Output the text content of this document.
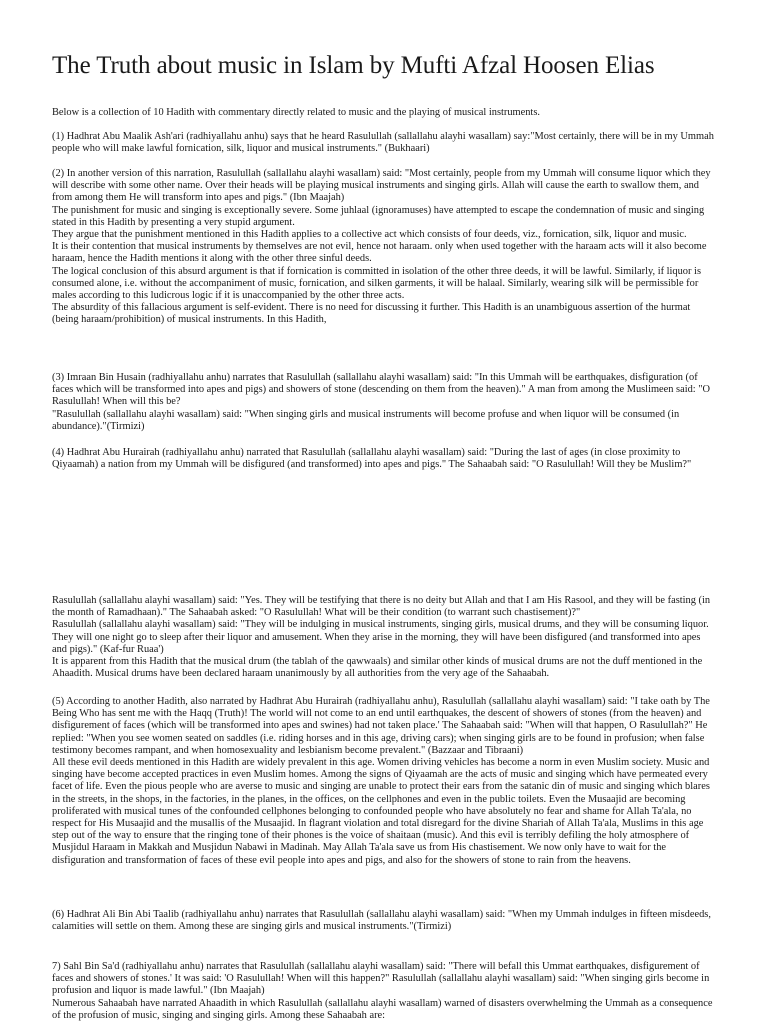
The Truth about music in Islam by Mufti Afzal Hoosen Elias

Below is a collection of 10 Hadith with commentary directly related to music and the playing of musical instruments.

(1) Hadhrat Abu Maalik Ash'ari (radhiyallahu anhu) says that he heard Rasulullah (sallallahu alayhi wasallam) say:"Most certainly, there will be in my Ummah people who will make lawful fornication, silk, liquor and musical instruments." (Bukhaari)

(2) In another version of this narration, Rasulullah (sallallahu alayhi wasallam) said: "Most certainly, people from my Ummah will consume liquor which they will describe with some other name. Over their heads will be playing musical instruments and singing girls. Allah will cause the earth to swallow them, and from among them He will transform into apes and pigs." (Ibn Maajah)

The punishment for music and singing is exceptionally severe. Some juhlaal (ignoramuses) have attempted to escape the condemnation of music and singing stated in this Hadith by presenting a very stupid argument.

They argue that the punishment mentioned in this Hadith applies to a collective act which consists of four deeds, viz., fornication, silk, liquor and music.

It is their contention that musical instruments by themselves are not evil, hence not haraam. only when used together with the haraam acts will it also become haraam, hence the Hadith mentions it along with the other three sinful deeds.

The logical conclusion of this absurd argument is that if fornication is committed in isolation of the other three deeds, it will be lawful. Similarly, if liquor is consumed alone, i.e. without the accompaniment of music, fornication, and silken garments, it will be halaal. Similarly, wearing silk will be permissible for males according to this ludicrous logic if it is unaccompanied by the other three acts.

The absurdity of this fallacious argument is self-evident. There is no need for discussing it further. This Hadith is an unambiguous assertion of the hurmat (being haraam/prohibition) of musical instruments. In this Hadith,

(3) Imraan Bin Husain (radhiyallahu anhu) narrates that Rasulullah (sallallahu alayhi wasallam) said: "In this Ummah will be earthquakes, disfiguration (of faces which will be transformed into apes and pigs) and showers of stone (descending on them from the heaven)." A man from among the Muslimeen said: "O Rasulullah! When will this be?

"Rasulullah (sallallahu alayhi wasallam) said: "When singing girls and musical instruments will become profuse and when liquor will be consumed (in abundance)."(Tirmizi)

(4) Hadhrat Abu Hurairah (radhiyallahu anhu) narrated that Rasulullah (sallallahu alayhi wasallam) said: "During the last of ages (in close proximity to Qiyaamah) a nation from my Ummah will be disfigured (and transformed) into apes and pigs." The Sahaabah said: "O Rasulullah! Will they be Muslim?"

Rasulullah (sallallahu alayhi wasallam) said: "Yes. They will be testifying that there is no deity but Allah and that I am His Rasool, and they will be fasting (in the month of Ramadhaan)." The Sahaabah asked: "O Rasulullah! What will be their condition (to warrant such chastisement)?"

Rasulullah (sallallahu alayhi wasallam) said: "They will be indulging in musical instruments, singing girls, musical drums, and they will be consuming liquor. They will one night go to sleep after their liquor and amusement. When they arise in the morning, they will have been disfigured (and transformed into apes and pigs)." (Kaf-fur Ruaa')

It is apparent from this Hadith that the musical drum (the tablah of the qawwaals) and similar other kinds of musical drums are not the duff mentioned in the Ahaadith. Musical drums have been declared haraam unanimously by all authorities from the very age of the Sahaabah.

(5) According to another Hadith, also narrated by Hadhrat Abu Hurairah (radhiyallahu anhu), Rasulullah (sallallahu alayhi wasallam) said: "I take oath by The Being Who has sent me with the Haqq (Truth)! The world will not come to an end until earthquakes, the descent of showers of stones (from the heaven) and disfigurement of faces (which will be transformed into apes and swines) had not taken place.' The Sahaabah said: "When will that happen, O Rasulullah?" He replied: "When you see women seated on saddles (i.e. riding horses and in this age, driving cars); when singing girls are to be found in profusion; when false testimony becomes rampant, and when homosexuality and lesbianism become prevalent." (Bazzaar and Tibraani)

All these evil deeds mentioned in this Hadith are widely prevalent in this age. Women driving vehicles has become a norm in even Muslim society. Music and singing have become accepted practices in even Muslim homes. Among the signs of Qiyaamah are the acts of music and singing which have permeated every facet of life. Even the pious people who are averse to music and singing are unable to protect their ears from the satanic din of music and singing which blares in the streets, in the shops, in the factories, in the planes, in the offices, on the cellphones and even in the public toilets. Even the Musaajid are becoming proliferated with musical tunes of the confounded cellphones belonging to confounded people who have absolutely no fear and shame for Allah Ta'ala, no respect for His Musaajid and the musallis of the Musaajid. In flagrant violation and total disregard for the divine Shariah of Allah Ta'ala, Muslims in this age step out of the way to ensure that the ringing tone of their phones is the voice of shaitaan (music). And this evil is terribly defiling the holy atmosphere of Musjidul Haraam in Makkah and Musjidun Nabawi in Madinah. May Allah Ta'ala save us from His chastisement. We now only have to wait for the disfiguration and transformation of faces of these evil people into apes and pigs, and also for the showers of stone to rain from the heavens.

(6) Hadhrat Ali Bin Abi Taalib (radhiyallahu anhu) narrates that Rasulullah (sallallahu alayhi wasallam) said: "When my Ummah indulges in fifteen misdeeds, calamities will settle on them. Among these are singing girls and musical instruments."(Tirmizi)

7) Sahl Bin Sa'd (radhiyallahu anhu) narrates that Rasulullah (sallallahu alayhi wasallam) said: "There will befall this Ummat earthquakes, disfigurement of faces and showers of stones.' It was said: 'O Rasulullah! When will this happen?" Rasulullah (sallallahu alayhi wasallam) said: "When singing girls become in profusion and liquor is made lawful." (Ibn Maajah)

Numerous Sahaabah have narrated Ahaadith in which Rasulullah (sallallahu alayhi wasallam) warned of disasters overwhelming the Ummah as a consequence of the profusion of music, singing and singing girls. Among these Sahaabah are:
